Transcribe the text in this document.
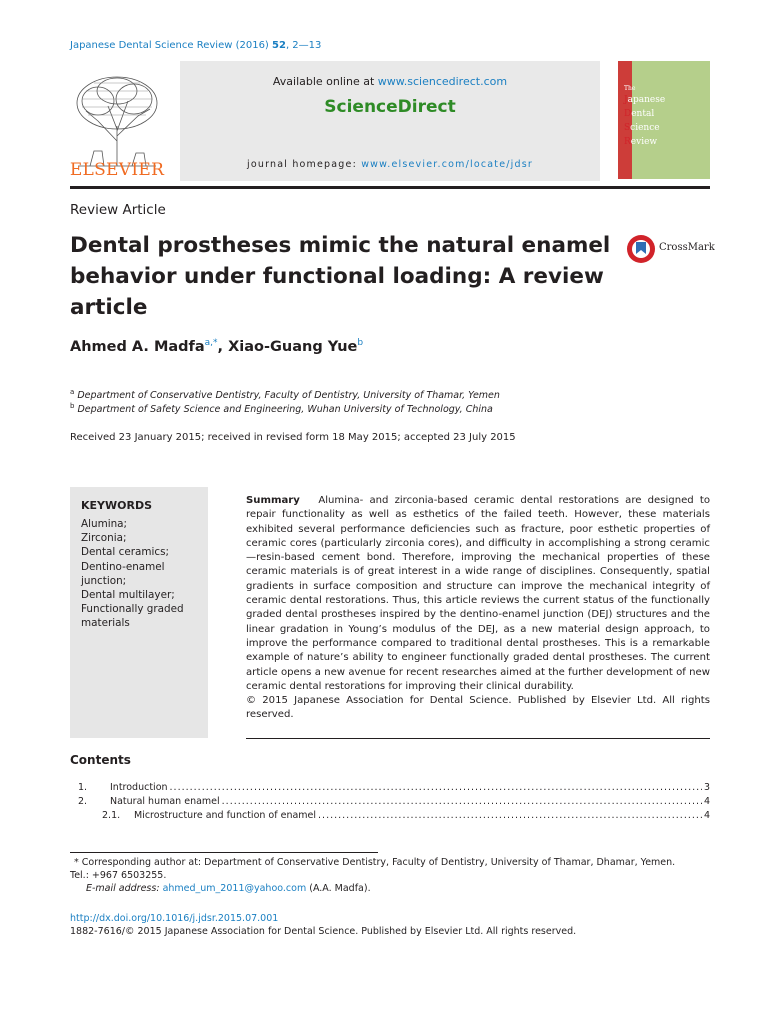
Japanese Dental Science Review (2016) 52, 2—13
ELSEVIER
Available online at www.sciencedirect.com
ScienceDirect
journal homepage: www.elsevier.com/locate/jdsr
The
Japanese
Dental
Science
Review
Review Article
Dental prostheses mimic the natural enamel behavior under functional loading: A review article
CrossMark
Ahmed A. Madfa$^{a,*}$, Xiao-Guang Yue$^b$
$^a$ Department of Conservative Dentistry, Faculty of Dentistry, University of Thamar, Yemen
$^b$ Department of Safety Science and Engineering, Wuhan University of Technology, China
Received 23 January 2015; received in revised form 18 May 2015; accepted 23 July 2015
KEYWORDS
Alumina;
Zirconia;
Dental ceramics;
Dentino-enamel junction;
Dental multilayer;
Functionally graded materials
Summary Alumina- and zirconia-based ceramic dental restorations are designed to repair functionality as well as esthetics of the failed teeth. However, these materials exhibited several performance deficiencies such as fracture, poor esthetic properties of ceramic cores (particularly zirconia cores), and difficulty in accomplishing a strong ceramic—resin-based cement bond. Therefore, improving the mechanical properties of these ceramic materials is of great interest in a wide range of disciplines. Consequently, spatial gradients in surface composition and structure can improve the mechanical integrity of ceramic dental restorations. Thus, this article reviews the current status of the functionally graded dental prostheses inspired by the dentino-enamel junction (DEJ) structures and the linear gradation in Young’s modulus of the DEJ, as a new material design approach, to improve the performance compared to traditional dental prostheses. This is a remarkable example of nature’s ability to engineer functionally graded dental prostheses. The current article opens a new avenue for recent researches aimed at the further development of new ceramic dental restorations for improving their clinical durability.
© 2015 Japanese Association for Dental Science. Published by Elsevier Ltd. All rights reserved.
Contents
1.	Introduction .....	3
2.	Natural human enamel .....	4
2.1.	Microstructure and function of enamel .....	4
* Corresponding author at: Department of Conservative Dentistry, Faculty of Dentistry, University of Thamar, Dhamar, Yemen.
Tel.: +967 6503255.
E-mail address: ahmed_um_2011@yahoo.com (A.A. Madfa).
http://dx.doi.org/10.1016/j.jdsr.2015.07.001
1882-7616/© 2015 Japanese Association for Dental Science. Published by Elsevier Ltd. All rights reserved.
